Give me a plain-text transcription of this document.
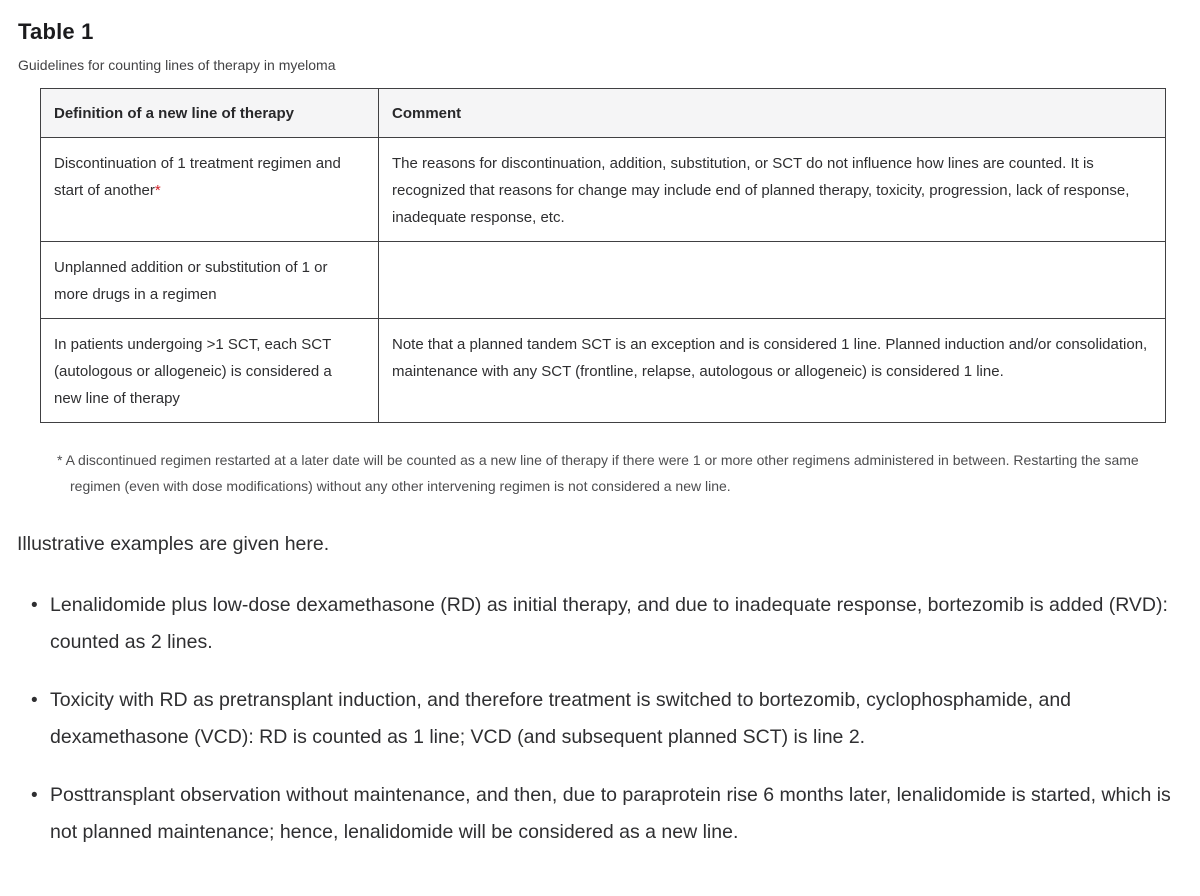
Table 1

Guidelines for counting lines of therapy in myeloma

Definition of a new line of therapy	Comment
Discontinuation of 1 treatment regimen and start of another*	The reasons for discontinuation, addition, substitution, or SCT do not influence how lines are counted. It is recognized that reasons for change may include end of planned therapy, toxicity, progression, lack of response, inadequate response, etc.
Unplanned addition or substitution of 1 or more drugs in a regimen	
In patients undergoing >1 SCT, each SCT (autologous or allogeneic) is considered a new line of therapy	Note that a planned tandem SCT is an exception and is considered 1 line. Planned induction and/or consolidation, maintenance with any SCT (frontline, relapse, autologous or allogeneic) is considered 1 line.
* A discontinued regimen restarted at a later date will be counted as a new line of therapy if there were 1 or more other regimens administered in between. Restarting the same regimen (even with dose modifications) without any other intervening regimen is not considered a new line.

Illustrative examples are given here.

• Lenalidomide plus low-dose dexamethasone (RD) as initial therapy, and due to inadequate response, bortezomib is added (RVD): counted as 2 lines.
• Toxicity with RD as pretransplant induction, and therefore treatment is switched to bortezomib, cyclophosphamide, and dexamethasone (VCD): RD is counted as 1 line; VCD (and subsequent planned SCT) is line 2.
• Posttransplant observation without maintenance, and then, due to paraprotein rise 6 months later, lenalidomide is started, which is not planned maintenance; hence, lenalidomide will be considered as a new line.
